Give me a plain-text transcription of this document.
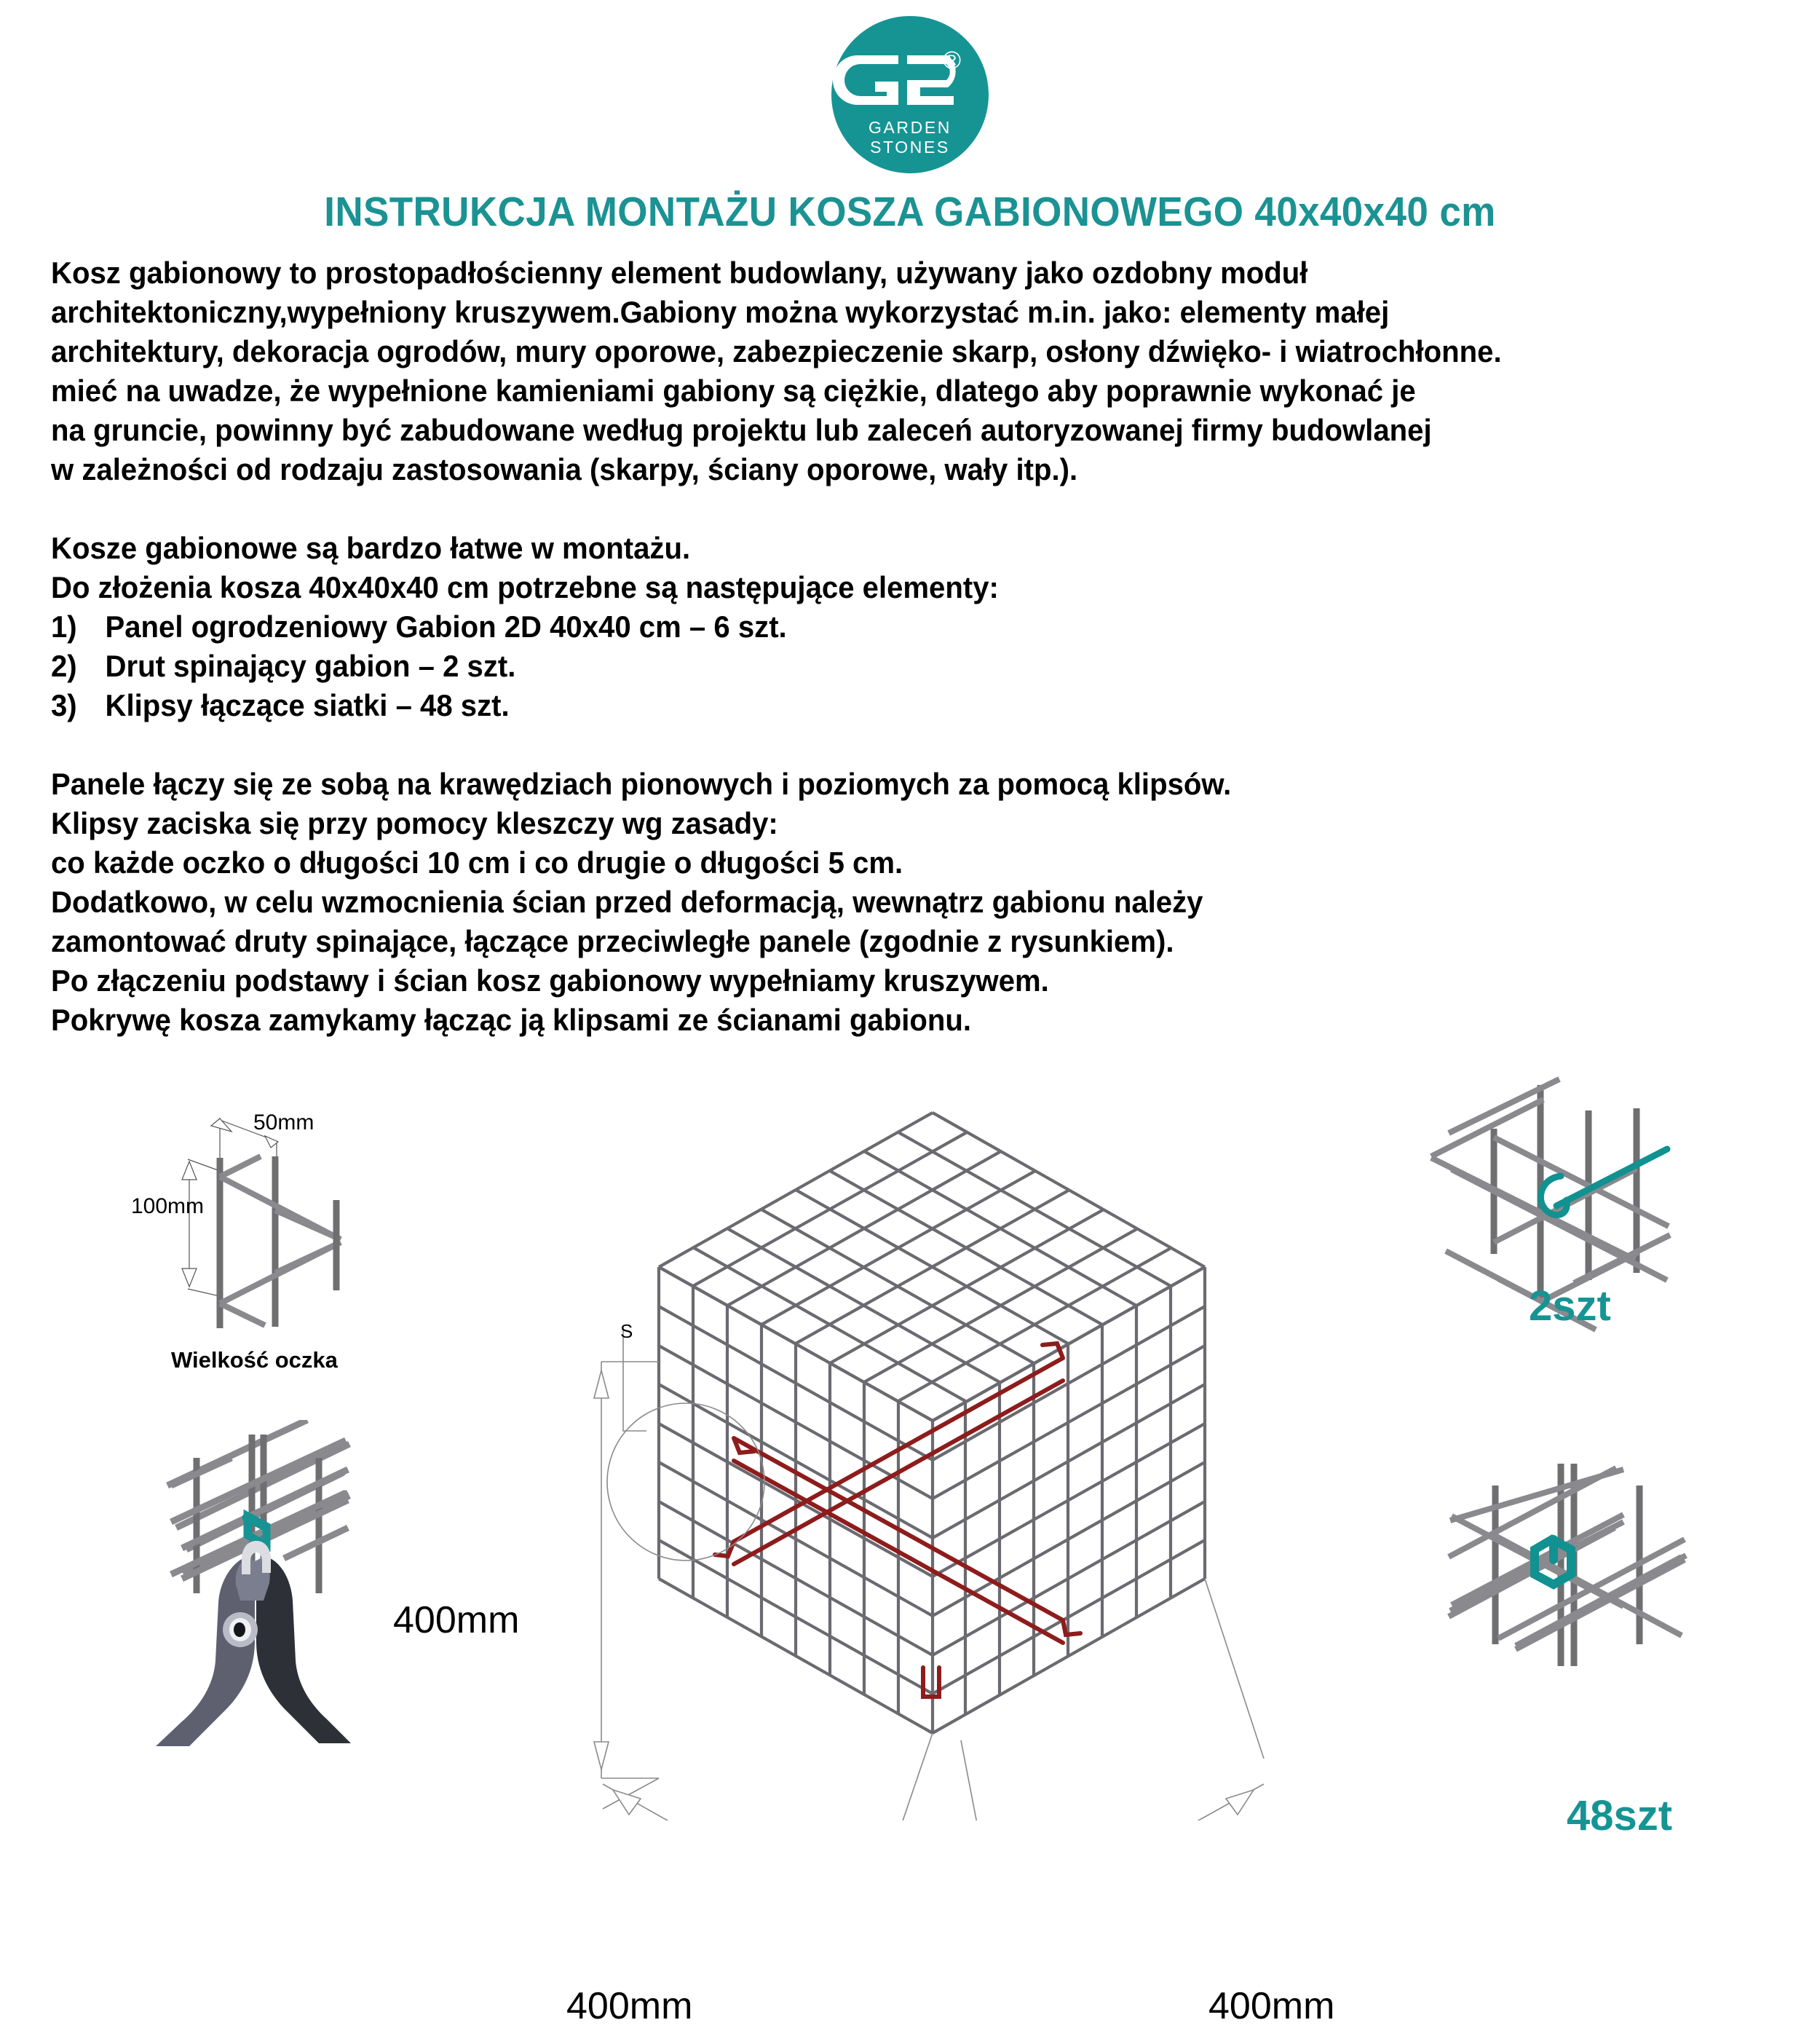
®
GARDEN STONES
INSTRUKCJA MONTAŻU KOSZA GABIONOWEGO 40x40x40 cm
Kosz gabionowy to prostopadłościenny element budowlany, używany jako ozdobny moduł
architektoniczny,wypełniony kruszywem.Gabiony można wykorzystać m.in. jako: elementy małej
architektury, dekoracja ogrodów, mury oporowe, zabezpieczenie skarp, osłony dźwięko- i wiatrochłonne.
mieć na uwadze, że wypełnione kamieniami gabiony są ciężkie, dlatego aby poprawnie wykonać je
na gruncie, powinny być zabudowane według projektu lub zaleceń autoryzowanej firmy budowlanej
w zależności od rodzaju zastosowania (skarpy, ściany oporowe, wały itp.).
Kosze gabionowe są bardzo łatwe w montażu.
Do złożenia kosza 40x40x40 cm potrzebne są następujące elementy:
1) Panel ogrodzeniowy Gabion 2D 40x40 cm – 6 szt.
2) Drut spinający gabion – 2 szt.
3) Klipsy łączące siatki – 48 szt.
Panele łączy się ze sobą na krawędziach pionowych i poziomych za pomocą klipsów.
Klipsy zaciska się przy pomocy kleszczy wg zasady:
co każde oczko o długości 10 cm i co drugie o długości 5 cm.
Dodatkowo, w celu wzmocnienia ścian przed deformacją, wewnątrz gabionu należy
zamontować druty spinające, łączące przeciwległe panele (zgodnie z rysunkiem).
Po złączeniu podstawy i ścian kosz gabionowy wypełniamy kruszywem.
Pokrywę kosza zamykamy łącząc ją klipsami ze ścianami gabionu.
50mm
100mm
Wielkość oczka
S
400mm
400mm	400mm
2szt
48szt
